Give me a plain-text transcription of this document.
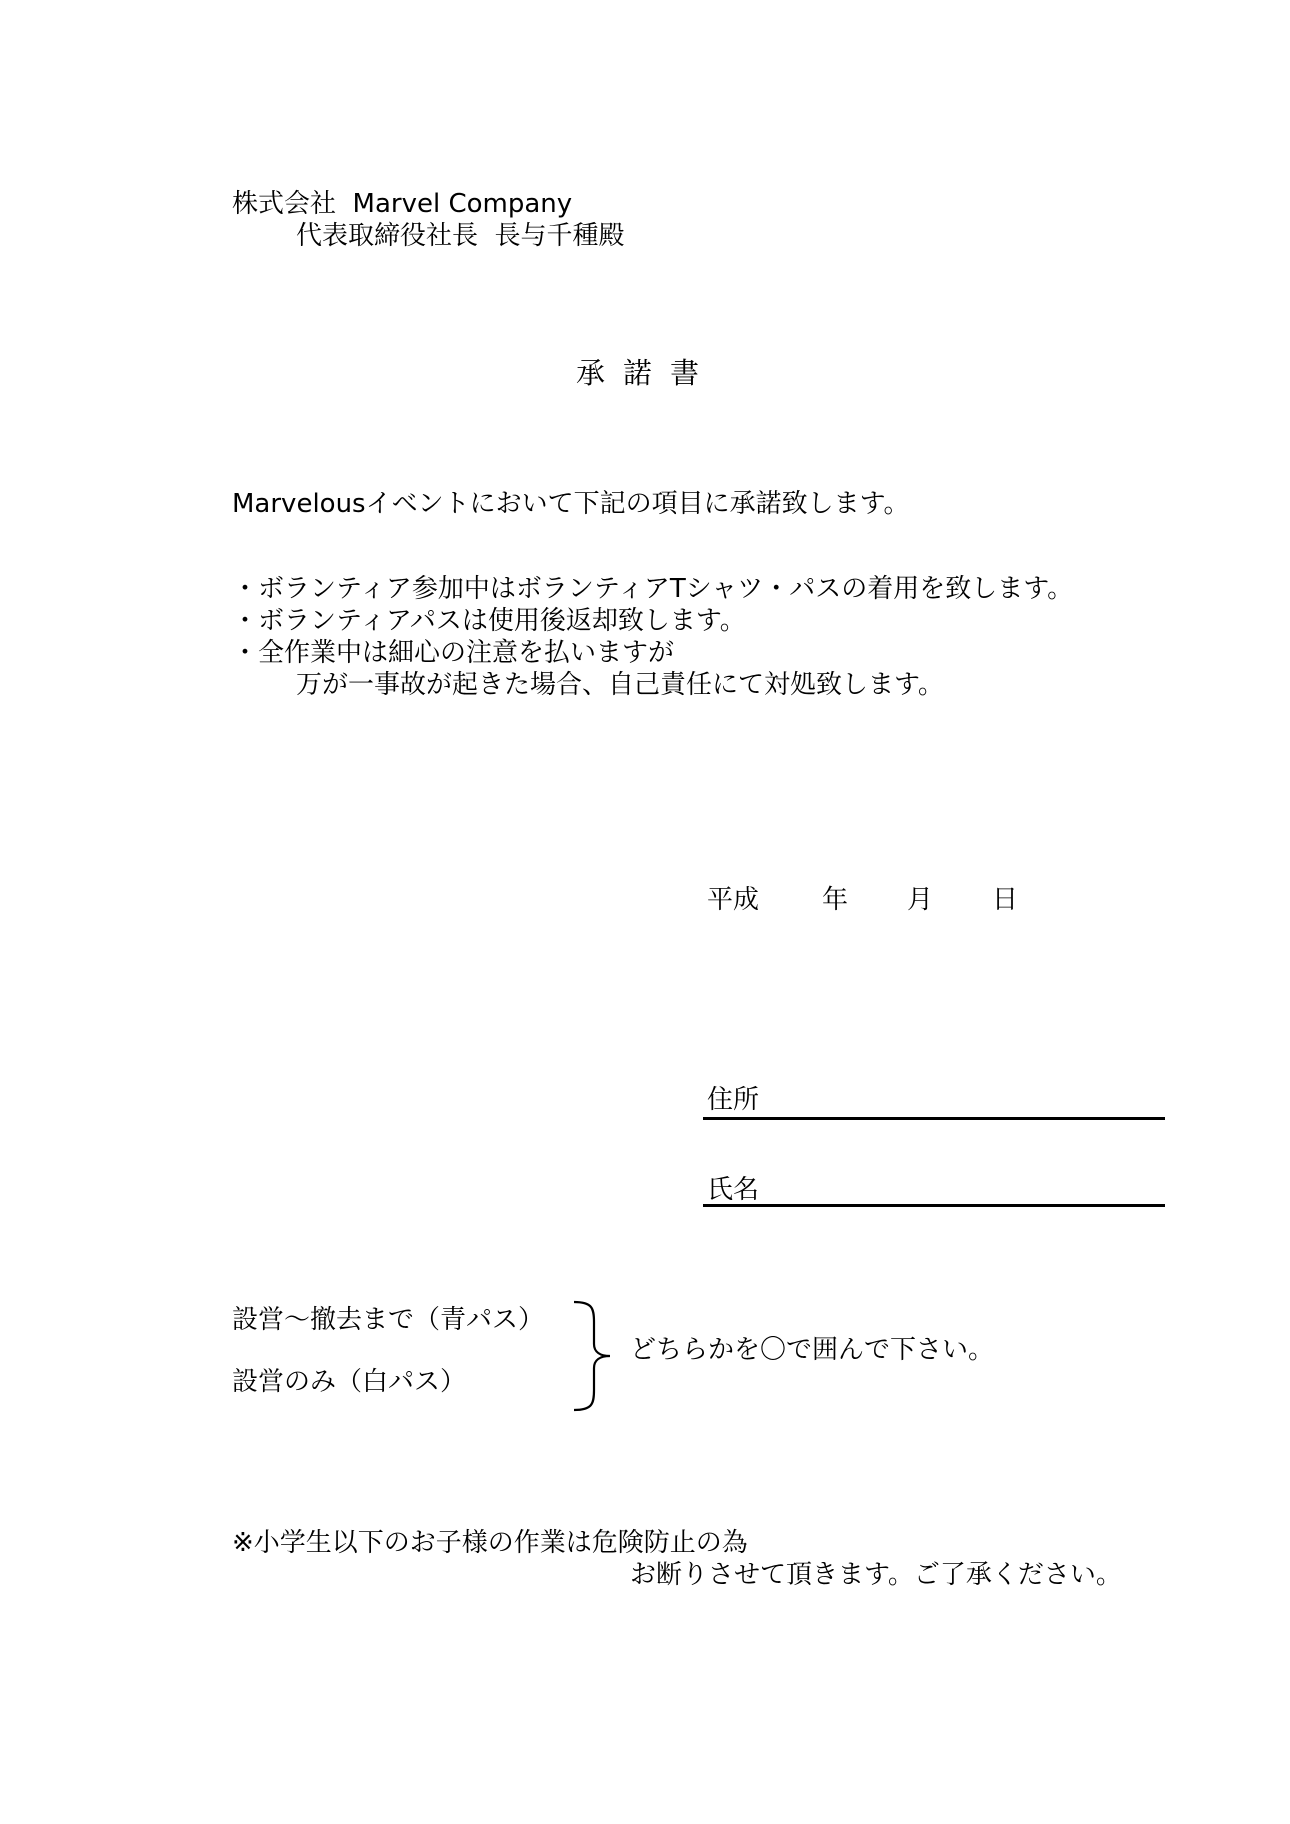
株式会社  Marvel Company

代表取締役社長  長与千種殿

承諾書

Marvelousイベントにおいて下記の項目に承諾致します。

・ボランティア参加中はボランティアTシャツ・パスの着用を致します。

・ボランティアパスは使用後返却致します。

・全作業中は細心の注意を払いますが

万が一事故が起きた場合、自己責任にて対処致します。

平成 年 月 日
住所
氏名
設営～撤去まで（青パス）
設営のみ（白パス）
どちらかを〇で囲んで下さい。

※小学生以下のお子様の作業は危険防止の為

お断りさせて頂きます。ご了承ください。
